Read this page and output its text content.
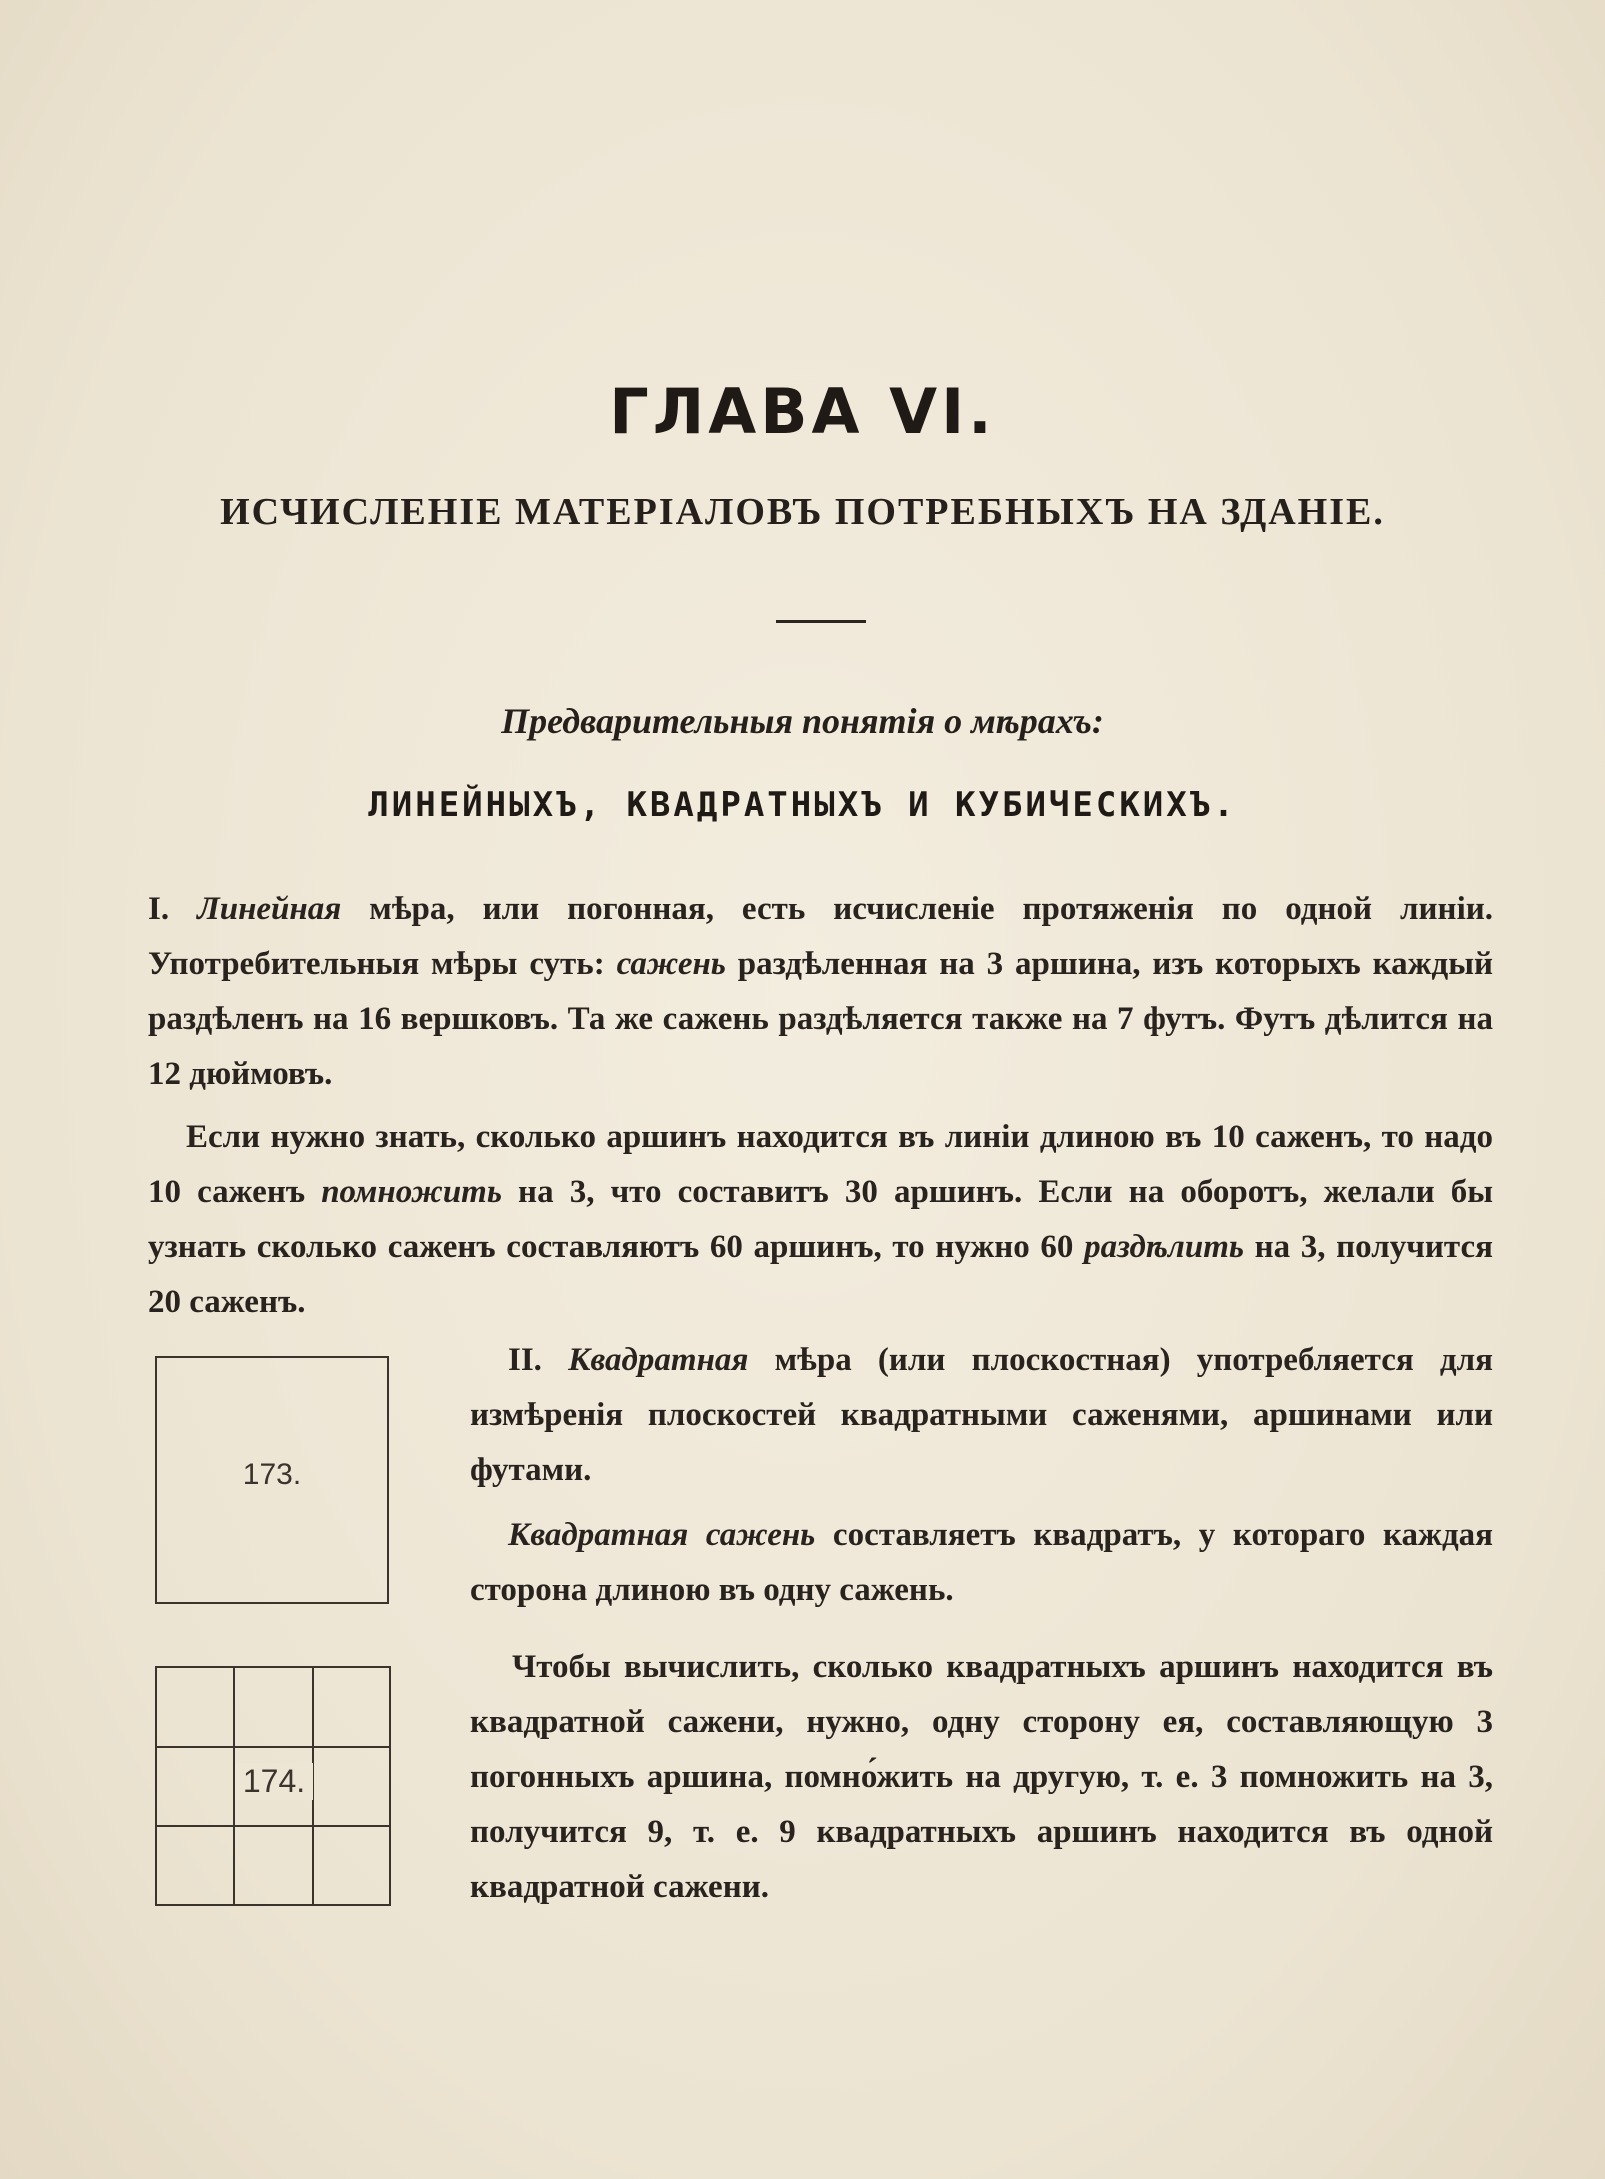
ГЛАВА VI.
ИСЧИСЛЕНІЕ МАТЕРІАЛОВЪ ПОТРЕБНЫХЪ НА ЗДАНІЕ.
Предварительныя понятія о мѣрахъ:
ЛИНЕЙНЫХЪ, КВАДРАТНЫХЪ И КУБИЧЕСКИХЪ.
I. Линейная мѣра, или погонная, есть исчисленіе протяженія по одной линіи. Употребительныя мѣры суть: сажень раздѣленная на 3 аршина, изъ которыхъ каждый раздѣленъ на 16 вершковъ. Та же сажень раздѣляется также на 7 футъ. Футъ дѣлится на 12 дюймовъ.
Если нужно знать, сколько аршинъ находится въ линіи длиною въ 10 саженъ, то надо 10 саженъ помножить на 3, что составитъ 30 аршинъ. Если на оборотъ, желали бы узнать сколько саженъ составляютъ 60 аршинъ, то нужно 60 раздѣлить на 3, получится 20 саженъ.
173.
II. Квадратная мѣра (или плоскостная) употребляется для измѣренія плоскостей квадратными саженями, аршинами или футами.
Квадратная сажень составляетъ квадратъ, у котораго каждая сторона длиною въ одну сажень.
174.
Чтобы вычислить, сколько квадратныхъ аршинъ находится въ квадратной сажени, нужно, одну сторону ея, составляющую 3 погонныхъ аршина, помно́жить на другую, т. е. 3 помножить на 3, получится 9, т. е. 9 квадратныхъ аршинъ находится въ одной квадратной сажени.
